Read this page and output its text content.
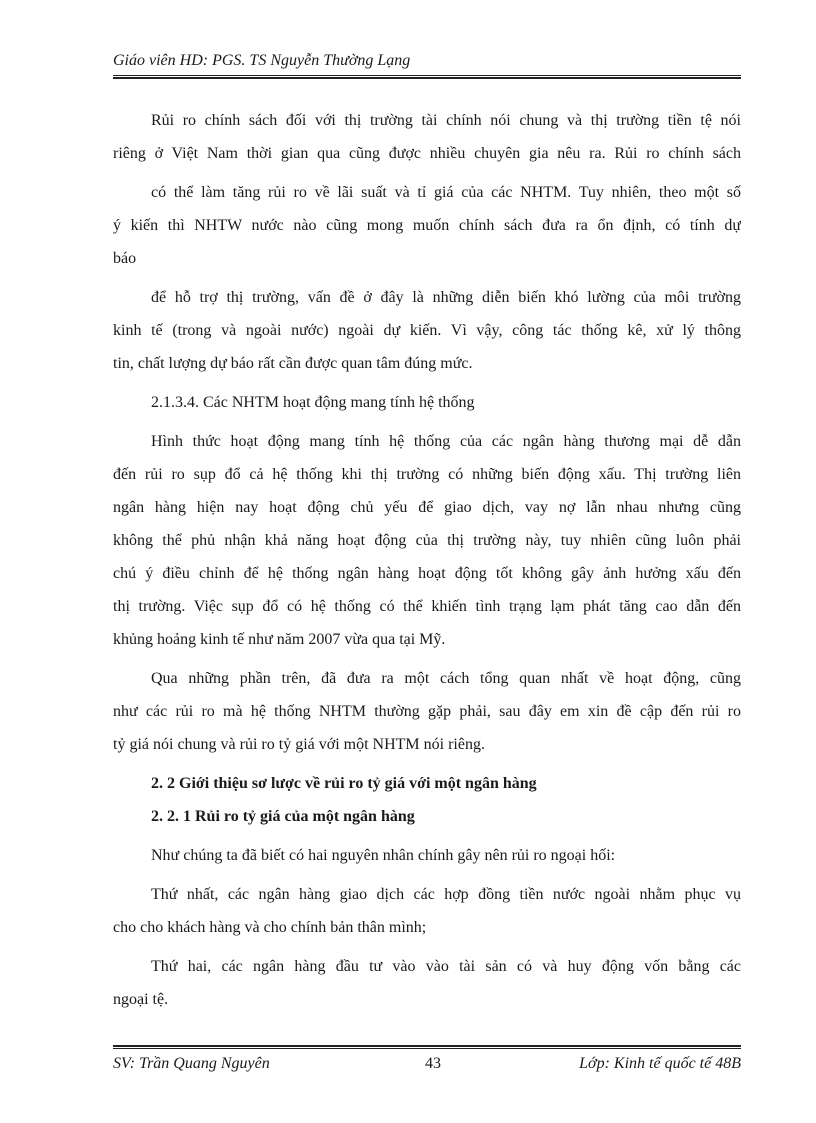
Giáo viên HD: PGS. TS Nguyễn Thường Lạng
Rủi ro chính sách đối với thị trường tài chính nói chung và thị trường tiền tệ nói
riêng ở Việt Nam thời gian qua cũng được nhiều chuyên gia nêu ra. Rủi ro chính sách
có thể làm tăng rủi ro về lãi suất và tỉ giá của các NHTM. Tuy nhiên, theo một số
ý kiến thì NHTW nước nào cũng mong muốn chính sách đưa ra ổn định, có tính dự
báo
để hỗ trợ thị trường, vấn đề ở đây là những diễn biến khó lường của môi trường
kinh tế (trong và ngoài nước) ngoài dự kiến. Vì vậy, công tác thống kê, xử lý thông
tin, chất lượng dự báo rất cần được quan tâm đúng mức.
2.1.3.4. Các NHTM hoạt động mang tính hệ thống
Hình thức hoạt động mang tính hệ thống của các ngân hàng thương mại dễ dẫn
đến rủi ro sụp đổ cả hệ thống khi thị trường có những biến động xấu. Thị trường liên
ngân hàng hiện nay hoạt động chủ yếu để giao dịch, vay nợ lẫn nhau nhưng cũng
không thể phủ nhận khả năng hoạt động của thị trường này, tuy nhiên cũng luôn phải
chú ý điều chỉnh để hệ thống ngân hàng hoạt động tốt không gây ảnh hưởng xấu đến
thị trường. Việc sụp đổ có hệ thống có thể khiến tình trạng lạm phát tăng cao dẫn đến
khủng hoảng kinh tế như năm 2007 vừa qua tại Mỹ.
Qua những phần trên, đã đưa ra một cách tổng quan nhất về hoạt động, cũng
như các rủi ro mà hệ thống NHTM thường gặp phải, sau đây em xin đề cập đến rủi ro
tỷ giá nói chung và rủi ro tỷ giá với một NHTM nói riêng.
2. 2 Giới thiệu sơ lược về rủi ro tỷ giá với một ngân hàng
2. 2. 1 Rủi ro tỷ giá của một ngân hàng
Như chúng ta đã biết có hai nguyên nhân chính gây nên rủi ro ngoại hối:
Thứ nhất, các ngân hàng giao dịch các hợp đồng tiền nước ngoài nhằm phục vụ
cho cho khách hàng và cho chính bản thân mình;
Thứ hai, các ngân hàng đầu tư vào vào tài sản có và huy động vốn bằng các
ngoại tệ.
SV: Trần Quang Nguyên	43	Lớp: Kinh tế quốc tế 48B
